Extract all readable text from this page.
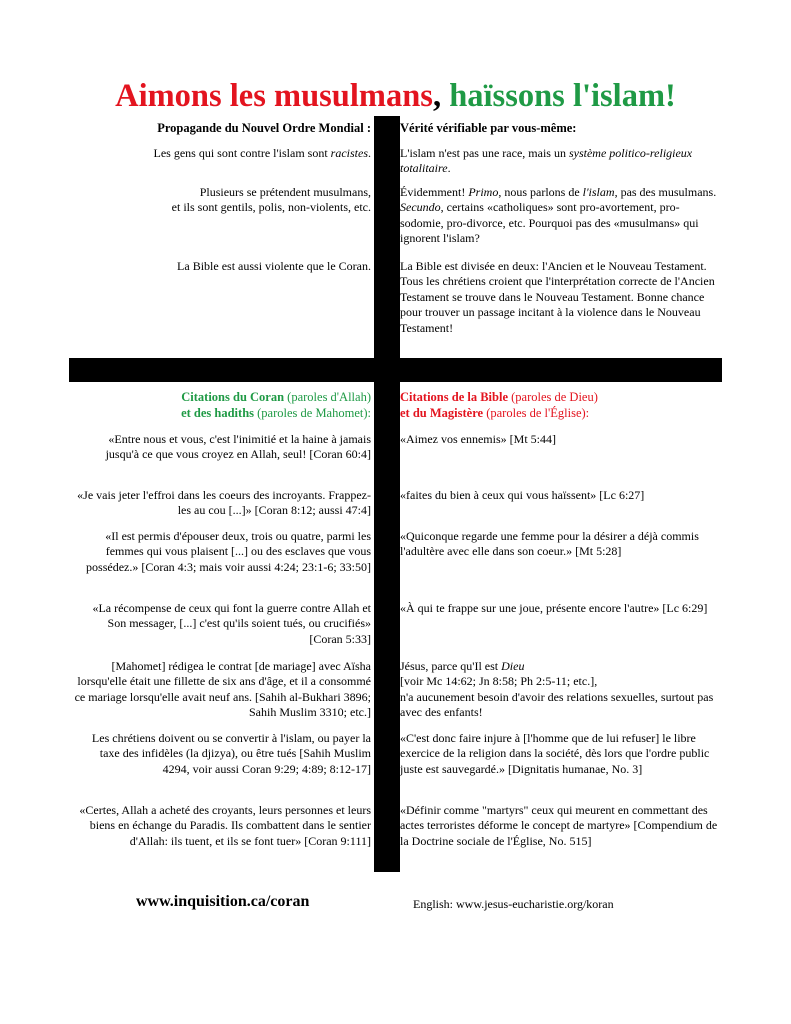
Aimons les musulmans, haïssons l'islam!
Propagande du Nouvel Ordre Mondial : Vérité vérifiable par vous-même:
Les gens qui sont contre l'islam sont racistes. L'islam n'est pas une race, mais un système politico-religieux totalitaire.
Plusieurs se prétendent musulmans,
et ils sont gentils, polis, non-violents, etc.
Évidemment! Primo, nous parlons de l'islam, pas des musulmans. Secundo, certains «catholiques» sont pro-avortement, pro-sodomie, pro-divorce, etc. Pourquoi pas des «musulmans» qui ignorent l'islam?
La Bible est aussi violente que le Coran. La Bible est divisée en deux: l'Ancien et le Nouveau Testament. Tous les chrétiens croient que l'interprétation correcte de l'Ancien Testament se trouve dans le Nouveau Testament. Bonne chance pour trouver un passage incitant à la violence dans le Nouveau Testament!
Citations du Coran (paroles d'Allah)
et des hadiths (paroles de Mahomet):
Citations de la Bible (paroles de Dieu)
et du Magistère (paroles de l'Église):
«Entre nous et vous, c'est l'inimitié et la haine à jamais jusqu'à ce que vous croyez en Allah, seul! [Coran 60:4]
«Aimez vos ennemis» [Mt 5:44]
«Je vais jeter l'effroi dans les coeurs des incroyants. Frappez-les au cou [...]» [Coran 8:12; aussi 47:4]
«faites du bien à ceux qui vous haïssent» [Lc 6:27]
«Il est permis d'épouser deux, trois ou quatre, parmi les femmes qui vous plaisent [...] ou des esclaves que vous possédez.» [Coran 4:3; mais voir aussi 4:24; 23:1-6; 33:50]
«Quiconque regarde une femme pour la désirer a déjà commis l'adultère avec elle dans son coeur.» [Mt 5:28]
«La récompense de ceux qui font la guerre contre Allah et Son messager, [...] c'est qu'ils soient tués, ou crucifiés» [Coran 5:33]
«À qui te frappe sur une joue, présente encore l'autre» [Lc 6:29]
[Mahomet] rédigea le contrat [de mariage] avec Aïsha lorsqu'elle était une fillette de six ans d'âge, et il a consommé ce mariage lorsqu'elle avait neuf ans. [Sahih al-Bukhari 3896; Sahih Muslim 3310; etc.]
Jésus, parce qu'Il est Dieu
[voir Mc 14:62; Jn 8:58; Ph 2:5-11; etc.],
n'a aucunement besoin d'avoir des relations sexuelles, surtout pas avec des enfants!
Les chrétiens doivent ou se convertir à l'islam, ou payer la taxe des infidèles (la djizya), ou être tués [Sahih Muslim 4294, voir aussi Coran 9:29; 4:89; 8:12-17]
«C'est donc faire injure à [l'homme que de lui refuser] le libre exercice de la religion dans la société, dès lors que l'ordre public juste est sauvegardé.» [Dignitatis humanae, No. 3]
«Certes, Allah a acheté des croyants, leurs personnes et leurs biens en échange du Paradis. Ils combattent dans le sentier d'Allah: ils tuent, et ils se font tuer» [Coran 9:111]
«Définir comme "martyrs" ceux qui meurent en commettant des actes terroristes déforme le concept de martyre» [Compendium de la Doctrine sociale de l'Église, No. 515]
www.inquisition.ca/coran	English: www.jesus-eucharistie.org/koran
